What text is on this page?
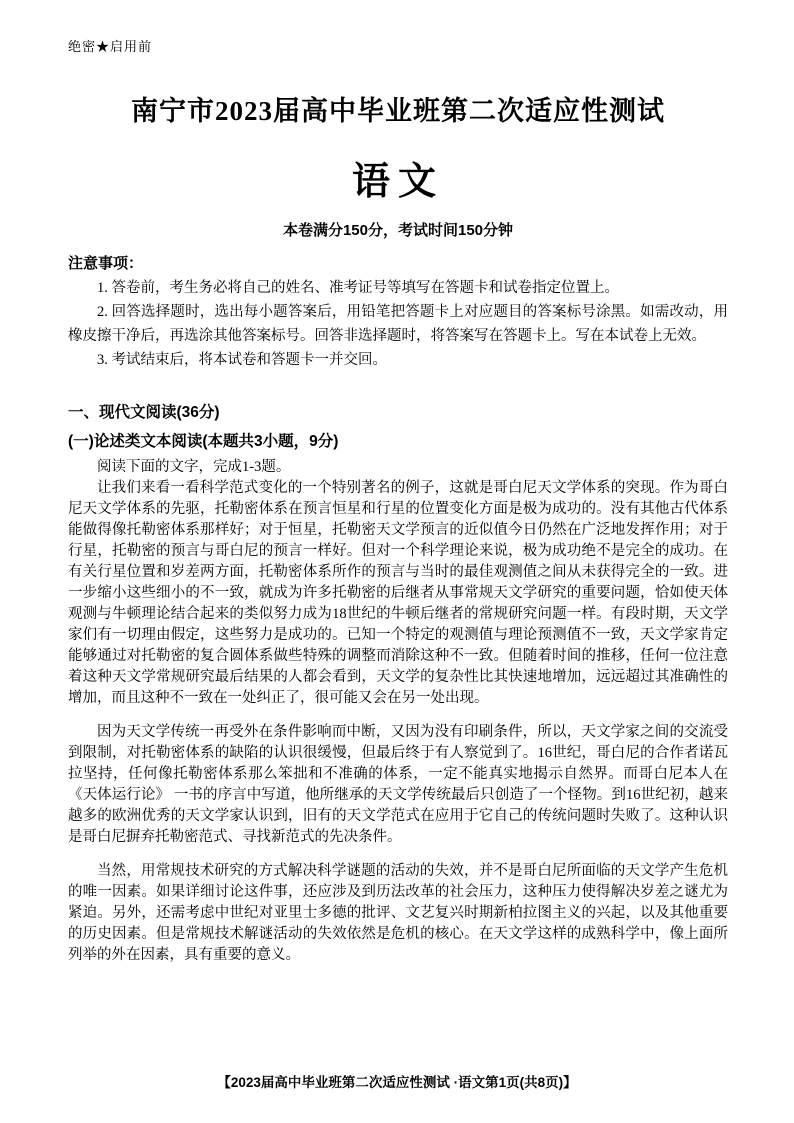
绝密★启用前
南宁市2023届高中毕业班第二次适应性测试
语文
本卷满分150分，考试时间150分钟
注意事项：

1. 答卷前，考生务必将自己的姓名、准考证号等填写在答题卡和试卷指定位置上。

2. 回答选择题时，选出每小题答案后，用铅笔把答题卡上对应题目的答案标号涂黑。如需改动，用橡皮擦干净后，再选涂其他答案标号。回答非选择题时，将答案写在答题卡上。写在本试卷上无效。

3. 考试结束后，将本试卷和答题卡一并交回。

一、现代文阅读(36分)
(一)论述类文本阅读(本题共3小题，9分)

阅读下面的文字，完成1-3题。

让我们来看一看科学范式变化的一个特别著名的例子，这就是哥白尼天文学体系的突现。作为哥白尼天文学体系的先驱，托勒密体系在预言恒星和行星的位置变化方面是极为成功的。没有其他古代体系能做得像托勒密体系那样好；对于恒星，托勒密天文学预言的近似值今日仍然在广泛地发挥作用；对于行星，托勒密的预言与哥白尼的预言一样好。但对一个科学理论来说，极为成功绝不是完全的成功。在有关行星位置和岁差两方面，托勒密体系所作的预言与当时的最佳观测值之间从未获得完全的一致。进一步缩小这些细小的不一致，就成为许多托勒密的后继者从事常规天文学研究的重要问题，恰如使天体观测与牛顿理论结合起来的类似努力成为18世纪的牛顿后继者的常规研究问题一样。有段时期，天文学家们有一切理由假定，这些努力是成功的。已知一个特定的观测值与理论预测值不一致，天文学家肯定能够通过对托勒密的复合圆体系做些特殊的调整而消除这种不一致。但随着时间的推移，任何一位注意着这种天文学常规研究最后结果的人都会看到，天文学的复杂性比其快速地增加，远远超过其准确性的增加，而且这种不一致在一处纠正了，很可能又会在另一处出现。

因为天文学传统一再受外在条件影响而中断，又因为没有印刷条件，所以，天文学家之间的交流受到限制，对托勒密体系的缺陷的认识很缓慢，但最后终于有人察觉到了。16世纪，哥白尼的合作者诺瓦拉坚持，任何像托勒密体系那么笨拙和不准确的体系，一定不能真实地揭示自然界。而哥白尼本人在《天体运行论》 一书的序言中写道，他所继承的天文学传统最后只创造了一个怪物。到16世纪初，越来越多的欧洲优秀的天文学家认识到，旧有的天文学范式在应用于它自己的传统问题时失败了。这种认识是哥白尼摒弃托勒密范式、寻找新范式的先决条件。

当然，用常规技术研究的方式解决科学谜题的活动的失效，并不是哥白尼所面临的天文学产生危机的唯一因素。如果详细讨论这件事，还应涉及到历法改革的社会压力，这种压力使得解决岁差之谜尤为紧迫。另外，还需考虑中世纪对亚里士多德的批评、文艺复兴时期新柏拉图主义的兴起，以及其他重要的历史因素。但是常规技术解谜活动的失效依然是危机的核心。在天文学这样的成熟科学中，像上面所列举的外在因素，具有重要的意义。

【2023届高中毕业班第二次适应性测试 ·语文第1页(共8页)】
